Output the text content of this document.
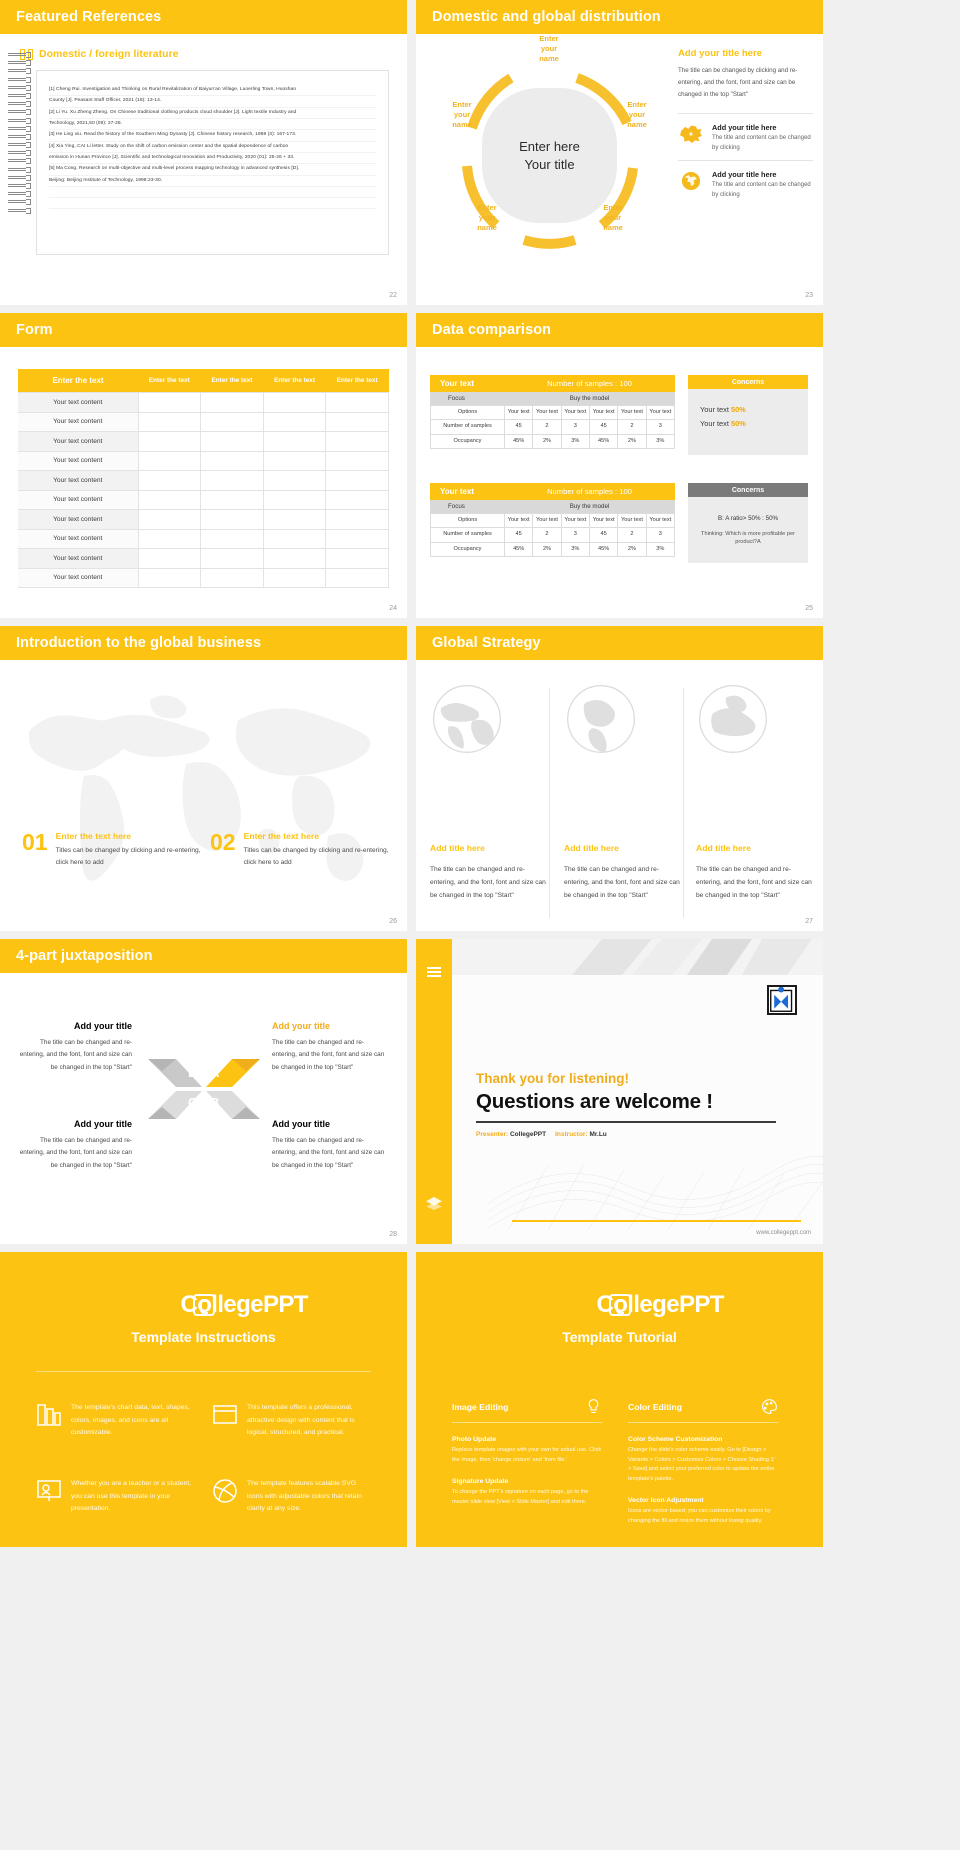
Featured References
Domestic / foreign literature
[1] Cheng Rui. Investigation and Thinking on Rural Revitalization of Baiyun'an Village, Luoerling Town, Huoshan
County [J]. Peasant Staff Officer, 2021 (18): 13-14.
[2] Li Yu. Xu Zheng Zheng. On Chinese traditional clothing products cloud shoulder [J]. Light textile Industry and
Technology, 2021,50 (09): 27-28.
[3] He Ling xiu. Read the history of the Southern Ming Dynasty [J]. Chinese history research, 1998 (3): 167-173.
[4] Xia Ying, CAI Li letter. Study on the shift of carbon emission center and the spatial dependence of carbon
emission in Hunan Province [J]. Scientific and technological Innovation and Productivity, 2020 (01): 25-26 + 33.
[5] Ma Cong. Research on multi-objective and multi-level process mapping technology in advanced synthesis [D].
Beijing: Beijing Institute of Technology, 1998:23-30.

22
Domestic and global distribution
Enter here
Your title
Enter
your
name
Enter
your
name
Enter
your
name
Enter
your
name
Enter
your
name
Add your title here

The title can be changed by clicking and re-entering, and the font, font and size can be changed in the top "Start"

Add your title here

The title and content can be changed by clicking

Add your title here

The title and content can be changed by clicking

23
Form
Enter the text	Enter the text	Enter the text	Enter the text	Enter the text
Your text content				
Your text content				
Your text content				
Your text content				
Your text content				
Your text content				
Your text content				
Your text content				
Your text content				
Your text content				
24
Data comparison
Your text	Number of samples : 100
Focus	Buy the model
Options	Your text	Your text	Your text	Your text	Your text	Your text
Number of samples	45	2	3	45	2	3
Occupancy	45%	2%	3%	45%	2%	3%
Your text	Number of samples : 100
Focus	Buy the model
Options	Your text	Your text	Your text	Your text	Your text	Your text
Number of samples	45	2	3	45	2	3
Occupancy	45%	2%	3%	45%	2%	3%
Concerns

Your text 50%

Your text 50%

Concerns

B: A ratio> 50% : 50%

Thinking: Which is more profitable per product?A

25
Introduction to the global business
01 Enter the text here

Titles can be changed by clicking and re-entering, click here to add

02 Enter the text here

Titles can be changed by clicking and re-entering, click here to add

26
Global Strategy
Add title here

The title can be changed and re-entering, and the font, font and size can be changed in the top "Start"

Add title here

The title can be changed and re-entering, and the font, font and size can be changed in the top "Start"

Add title here

The title can be changed and re-entering, and the font, font and size can be changed in the top "Start"

27
4-part juxtaposition
D A
C B
Add your title

The title can be changed and re-entering, and the font, font and size can be changed in the top "Start"

Add your title

The title can be changed and re-entering, and the font, font and size can be changed in the top "Start"

Add your title

The title can be changed and re-entering, and the font, font and size can be changed in the top "Start"

Add your title

The title can be changed and re-entering, and the font, font and size can be changed in the top "Start"

28
Thank you for listening!
Questions are welcome !
Presenter: CollegePPT Instructor: Mr.Lu
www.collegeppt.com
CollegePPT
Template Instructions

The template's chart data, text, shapes, colors, images, and icons are all customizable.

This template offers a professional, attractive design with content that is logical, structured, and practical.

Whether you are a teacher or a student, you can use this template in your presentation.

The template features scalable SVG icons with adjustable colors that retain clarity at any size.

CollegePPT
Template Tutorial
Image Editing
Photo Update

Replace template images with your own for actual use. Click the image, then 'change picture' and 'from file.'

Signature Update

To change the PPT's signature on each page, go to the master slide view [View > Slide Master] and edit there.

Color Editing
Color Scheme Customization

Change the slide's color scheme easily. Go to [Design > Variants > Colors > Customize Colors > Choose Shading 1' > Save] and select your preferred color to update the entire template's palette.

Vector Icon Adjustment

Icons are vector-based; you can customize their colors by changing the fill and resize them without losing quality.
